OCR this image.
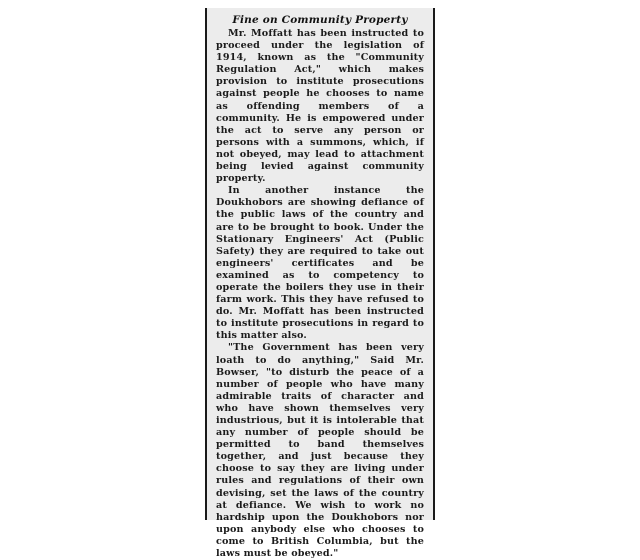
Fine on Community Property

Mr. Moffatt has been instructed to proceed under the legislation of 1914, known as the "Community Regulation Act," which makes provision to institute prosecutions against people he chooses to name as offending members of a community. He is empowered under the act to serve any person or persons with a summons, which, if not obeyed, may lead to attachment being levied against community property.

In another instance the Doukhobors are showing defiance of the public laws of the country and are to be brought to book. Under the Stationary Engineers' Act (Public Safety) they are required to take out engineers' certificates and be examined as to competency to operate the boilers they use in their farm work. This they have refused to do. Mr. Moffatt has been instructed to institute prosecutions in regard to this matter also.

"The Government has been very loath to do anything," Said Mr. Bowser, "to disturb the peace of a number of people who have many admirable traits of character and who have shown themselves very industrious, but it is intolerable that any number of people should be permitted to band themselves together, and just because they choose to say they are living under rules and regulations of their own devising, set the laws of the country at defiance. We wish to work no hardship upon the Doukhobors nor upon anybody else who chooses to come to British Columbia, but the laws must be obeyed."
